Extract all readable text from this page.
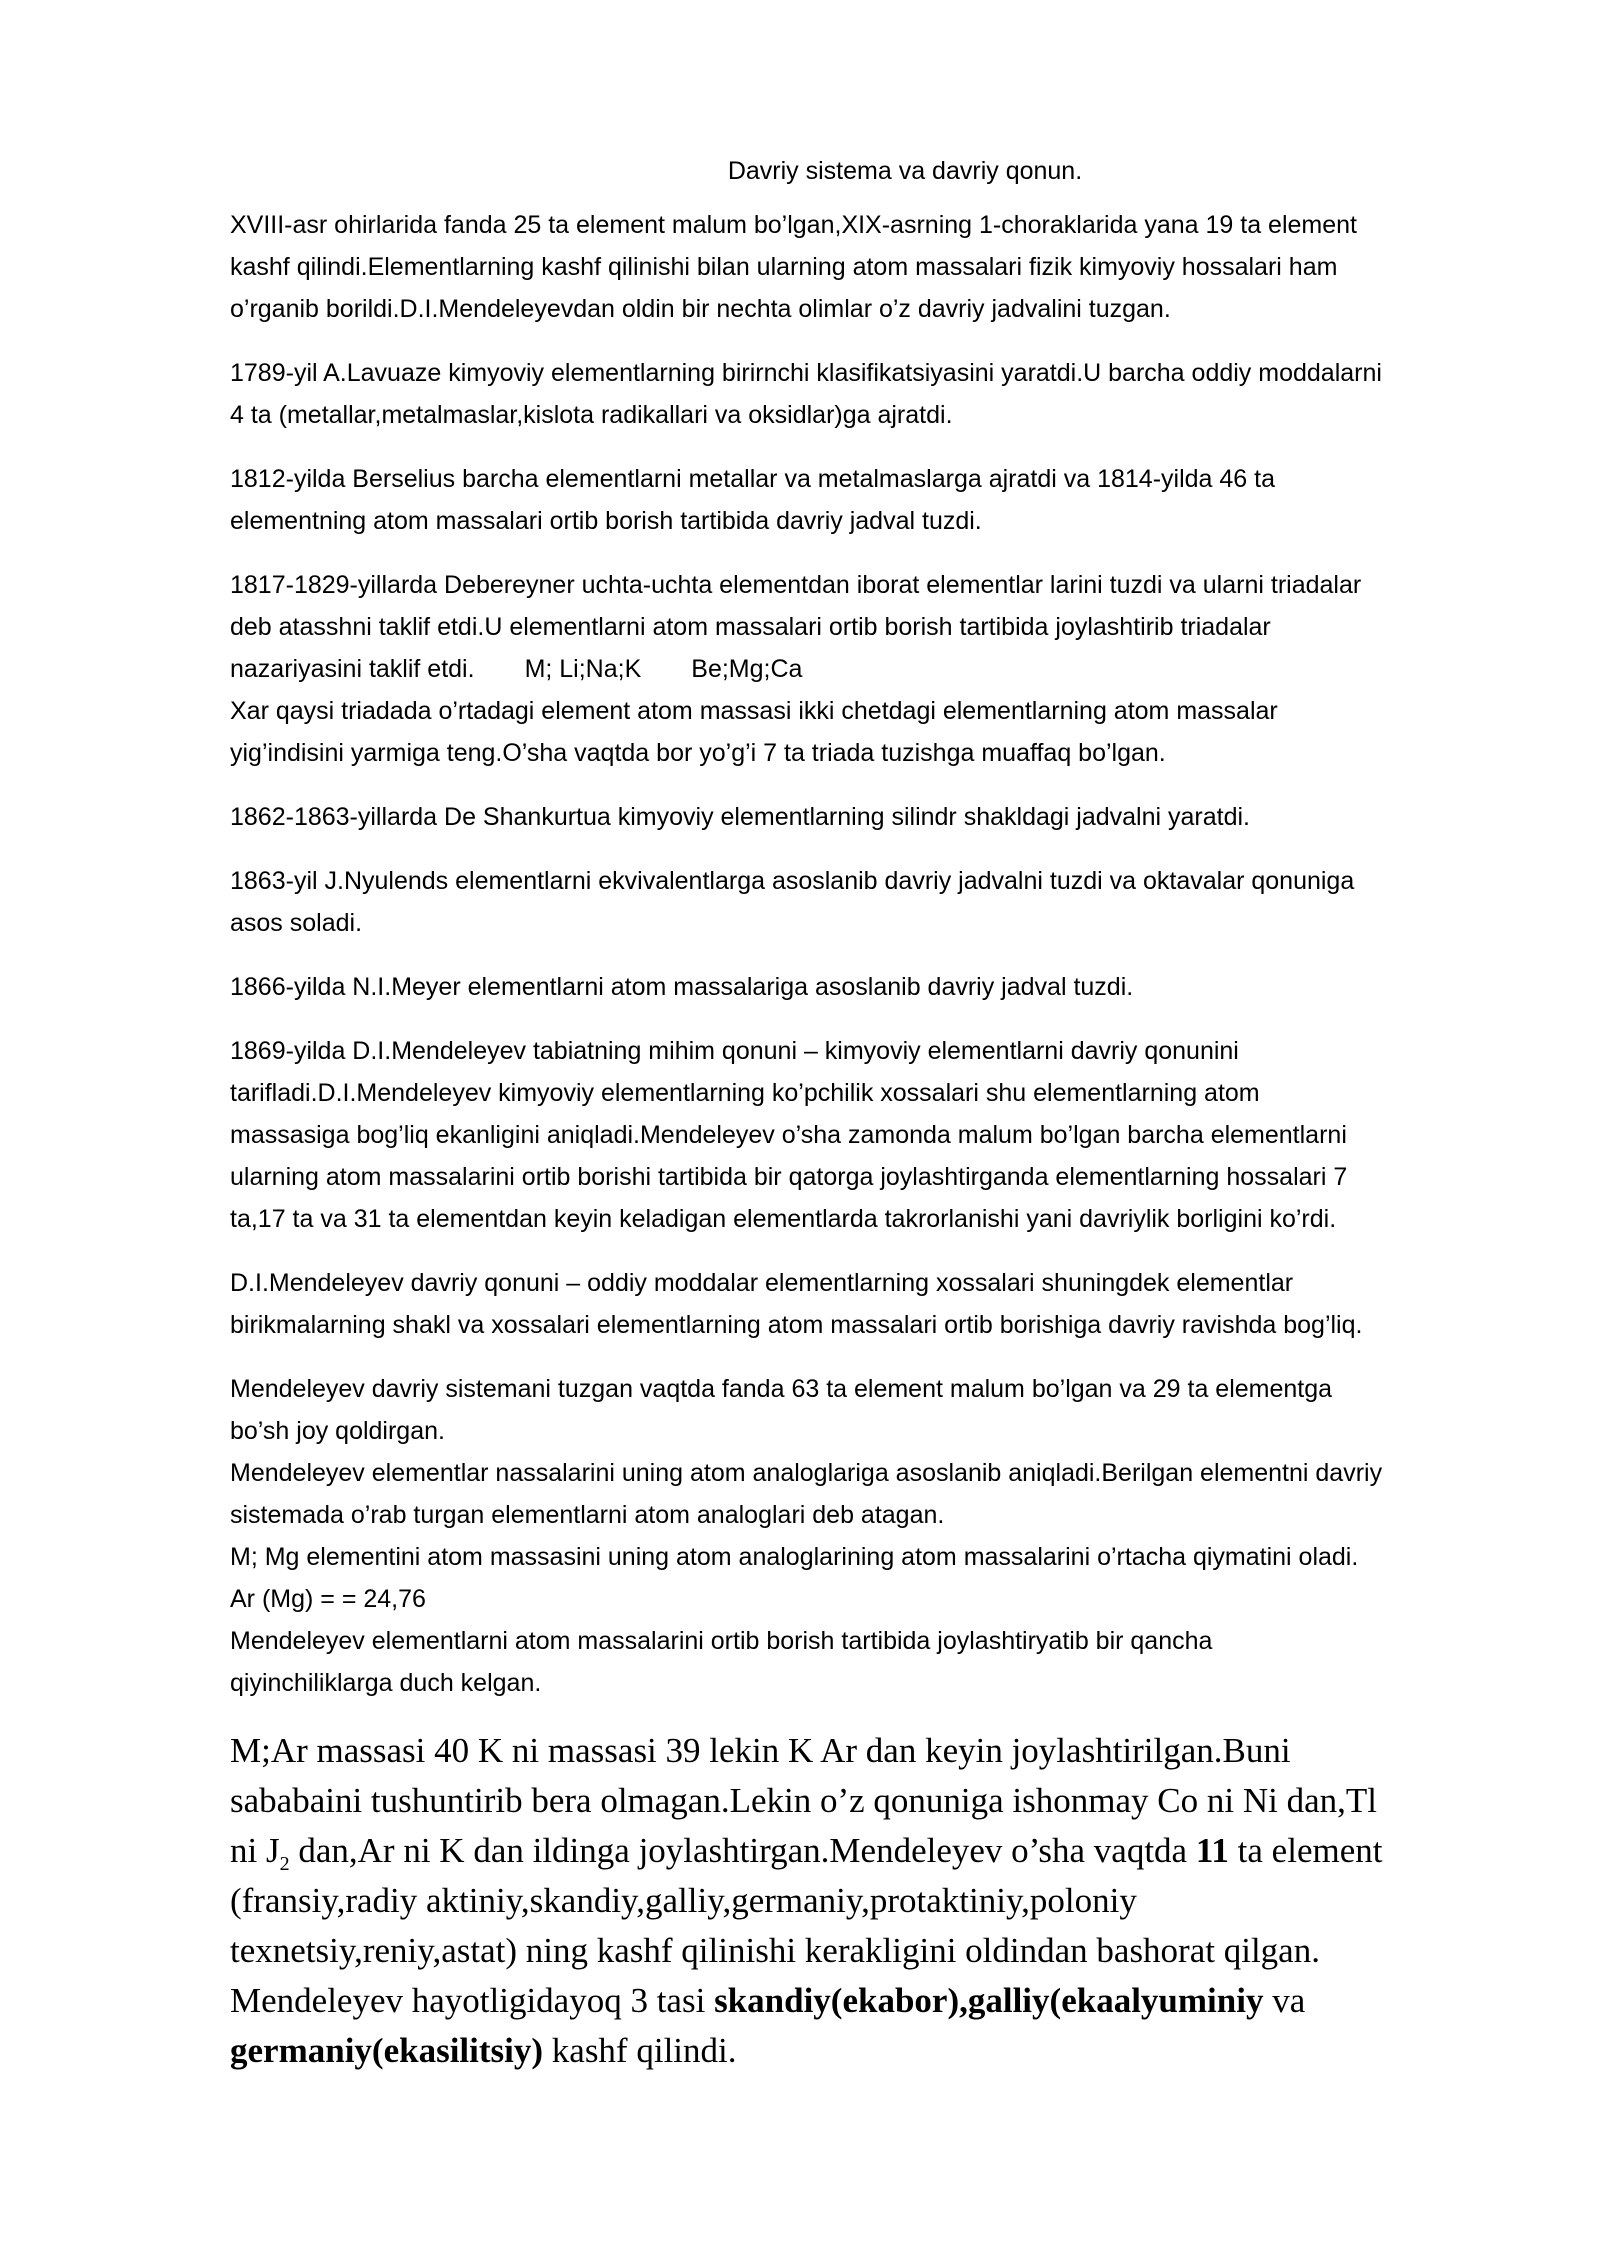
Davriy sistema va davriy qonun.
XVIII-asr ohirlarida fanda 25 ta element malum bo’lgan,XIX-asrning 1-choraklarida yana 19 ta element
kashf qilindi.Elementlarning kashf qilinishi bilan ularning atom massalari fizik kimyoviy hossalari ham
o’rganib borildi.D.I.Mendeleyevdan oldin bir nechta olimlar o’z davriy jadvalini tuzgan.
1789-yil A.Lavuaze kimyoviy elementlarning birirnchi klasifikatsiyasini yaratdi.U barcha oddiy moddalarni
4 ta (metallar,metalmaslar,kislota radikallari va oksidlar)ga ajratdi.
1812-yilda Berselius barcha elementlarni metallar va metalmaslarga ajratdi va 1814-yilda 46 ta
elementning atom massalari ortib borish tartibida davriy jadval tuzdi.
1817-1829-yillarda Debereyner uchta-uchta elementdan iborat elementlar larini tuzdi va ularni triadalar
deb atasshni taklif etdi.U elementlarni atom massalari ortib borish tartibida joylashtirib triadalar
nazariyasini taklif etdi. M; Li;Na;K Be;Mg;Ca
Xar qaysi triadada o’rtadagi element atom massasi ikki chetdagi elementlarning atom massalar
yig’indisini yarmiga teng.O’sha vaqtda bor yo’g’i 7 ta triada tuzishga muaffaq bo’lgan.
1862-1863-yillarda De Shankurtua kimyoviy elementlarning silindr shakldagi jadvalni yaratdi.
1863-yil J.Nyulends elementlarni ekvivalentlarga asoslanib davriy jadvalni tuzdi va oktavalar qonuniga
asos soladi.
1866-yilda N.I.Meyer elementlarni atom massalariga asoslanib davriy jadval tuzdi.
1869-yilda D.I.Mendeleyev tabiatning mihim qonuni – kimyoviy elementlarni davriy qonunini
tarifladi.D.I.Mendeleyev kimyoviy elementlarning ko’pchilik xossalari shu elementlarning atom
massasiga bog’liq ekanligini aniqladi.Mendeleyev o’sha zamonda malum bo’lgan barcha elementlarni
ularning atom massalarini ortib borishi tartibida bir qatorga joylashtirganda elementlarning hossalari 7
ta,17 ta va 31 ta elementdan keyin keladigan elementlarda takrorlanishi yani davriylik borligini ko’rdi.
D.I.Mendeleyev davriy qonuni – oddiy moddalar elementlarning xossalari shuningdek elementlar
birikmalarning shakl va xossalari elementlarning atom massalari ortib borishiga davriy ravishda bog’liq.
Mendeleyev davriy sistemani tuzgan vaqtda fanda 63 ta element malum bo’lgan va 29 ta elementga
bo’sh joy qoldirgan.
Mendeleyev elementlar nassalarini uning atom analoglariga asoslanib aniqladi.Berilgan elementni davriy
sistemada o’rab turgan elementlarni atom analoglari deb atagan.
M; Mg elementini atom massasini uning atom analoglarining atom massalarini o’rtacha qiymatini oladi.
Ar (Mg) = = 24,76
Mendeleyev elementlarni atom massalarini ortib borish tartibida joylashtiryatib bir qancha
qiyinchiliklarga duch kelgan.
M;Ar massasi 40 K ni massasi 39 lekin K Ar dan keyin joylashtirilgan.Buni
sababaini tushuntirib bera olmagan.Lekin o’z qonuniga ishonmay Co ni Ni dan,Tl
ni $J_2$ dan,Ar ni K dan ildinga joylashtirgan.Mendeleyev o’sha vaqtda 11 ta element
(fransiy,radiy aktiniy,skandiy,galliy,germaniy,protaktiniy,poloniy
texnetsiy,reniy,astat) ning kashf qilinishi kerakligini oldindan bashorat qilgan.
Mendeleyev hayotligidayoq 3 tasi skandiy(ekabor),galliy(ekaalyuminiy va
germaniy(ekasilitsiy) kashf qilindi.
